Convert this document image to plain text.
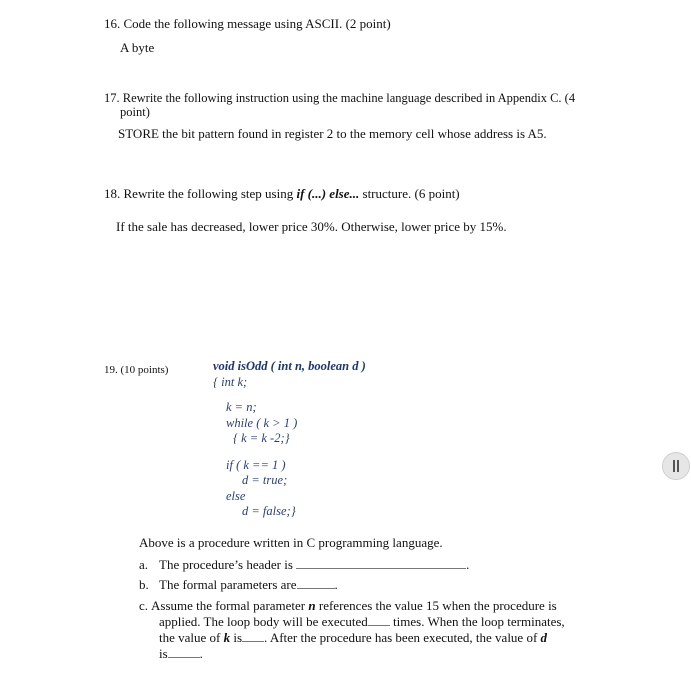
16. Code the following message using ASCII. (2 point)
A byte
17. Rewrite the following instruction using the machine language described in Appendix C. (4
point)
STORE the bit pattern found in register 2 to the memory cell whose address is A5.
18. Rewrite the following step using if (...) else... structure. (6 point)
If the sale has decreased, lower price 30%. Otherwise, lower price by 15%.
19. (10 points)	void isOdd ( int n, boolean d )
{ int k;
k = n;
while ( k > 1 )
{ k = k -2;}
if ( k == 1 )
d = true;
else
d = false;}
Above is a procedure written in C programming language.
a. The procedure’s header is	.
b. The formal parameters are	.
c. Assume the formal parameter n references the value 15 when the procedure is
applied. The loop body will be executed times. When the loop terminates,
the value of k is . After the procedure has been executed, the value of d
is .
